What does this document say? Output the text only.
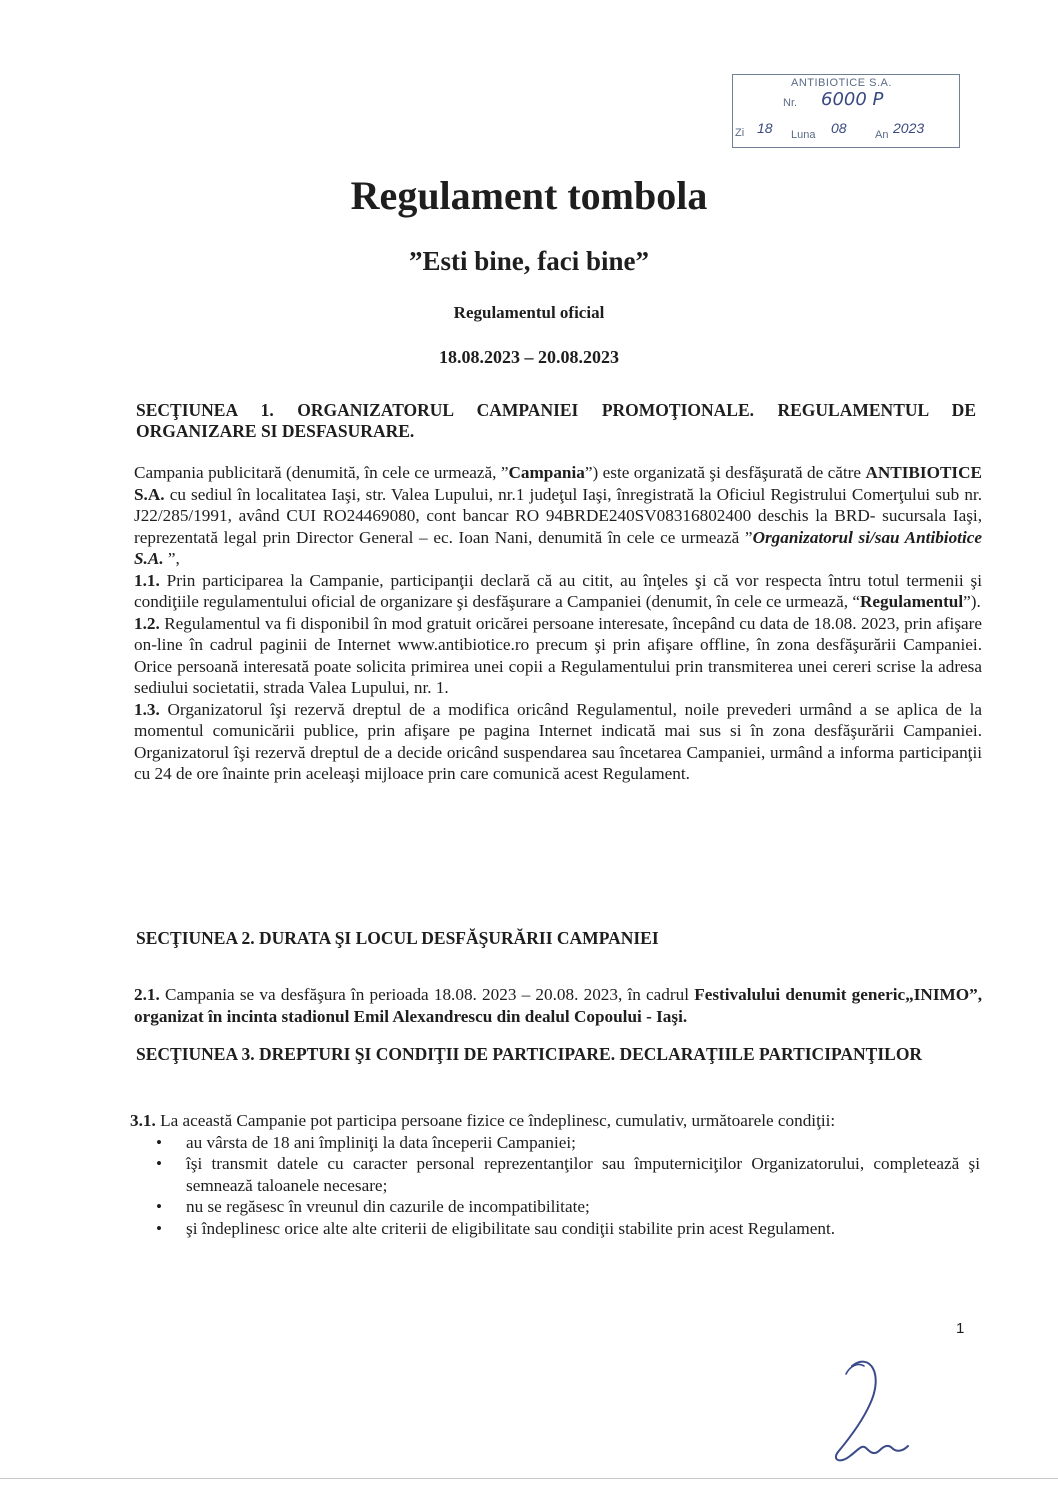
ANTIBIOTICE S.A.
Nr. 6000 P
Zi 18 Luna 08	An 2023
Regulament tombola
”Esti bine, faci bine”
Regulamentul oficial
18.08.2023 – 20.08.2023
SECŢIUNEA 1. ORGANIZATORUL CAMPANIEI PROMOŢIONALE. REGULAMENTUL DE ORGANIZARE SI DESFASURARE.

Campania publicitară (denumită, în cele ce urmează, ”Campania”) este organizată şi desfăşurată de către ANTIBIOTICE S.A. cu sediul în localitatea Iaşi, str. Valea Lupului, nr.1 judeţul Iaşi, înregistrată la Oficiul Registrului Comerţului sub nr. J22/285/1991, având CUI RO24469080, cont bancar RO 94BRDE240SV08316802400 deschis la BRD- sucursala Iaşi, reprezentată legal prin Director General – ec. Ioan Nani, denumită în cele ce urmează ”Organizatorul si/sau Antibiotice S.A. ”,

1.1. Prin participarea la Campanie, participanţii declară că au citit, au înţeles şi că vor respecta întru totul termenii şi condiţiile regulamentului oficial de organizare şi desfăşurare a Campaniei (denumit, în cele ce urmează, “Regulamentul”).

1.2. Regulamentul va fi disponibil în mod gratuit oricărei persoane interesate, începând cu data de 18.08. 2023, prin afişare on-line în cadrul paginii de Internet www.antibiotice.ro precum şi prin afişare offline, în zona desfăşurării Campaniei. Orice persoană interesată poate solicita primirea unei copii a Regulamentului prin transmiterea unei cereri scrise la adresa sediului societatii, strada Valea Lupului, nr. 1.

1.3. Organizatorul îşi rezervă dreptul de a modifica oricând Regulamentul, noile prevederi urmând a se aplica de la momentul comunicării publice, prin afişare pe pagina Internet indicată mai sus si în zona desfăşurării Campaniei. Organizatorul îşi rezervă dreptul de a decide oricând suspendarea sau încetarea Campaniei, urmând a informa participanţii cu 24 de ore înainte prin aceleaşi mijloace prin care comunică acest Regulament.

SECŢIUNEA 2. DURATA ŞI LOCUL DESFĂŞURĂRII CAMPANIEI

2.1. Campania se va desfăşura în perioada 18.08. 2023 – 20.08. 2023, în cadrul Festivalului denumit generic„INIMO”, organizat în incinta stadionul Emil Alexandrescu din dealul Copoului - Iaşi.

SECŢIUNEA 3. DREPTURI ŞI CONDIŢII DE PARTICIPARE. DECLARAŢIILE PARTICIPANŢILOR

3.1. La această Campanie pot participa persoane fizice ce îndeplinesc, cumulativ, următoarele condiţii:

• au vârsta de 18 ani împliniţi la data începerii Campaniei;
• îşi transmit datele cu caracter personal reprezentanţilor sau împuterniciţilor Organizatorului, completează şi semnează taloanele necesare;
• nu se regăsesc în vreunul din cazurile de incompatibilitate;
• şi îndeplinesc orice alte alte criterii de eligibilitate sau condiţii stabilite prin acest Regulament.
1
